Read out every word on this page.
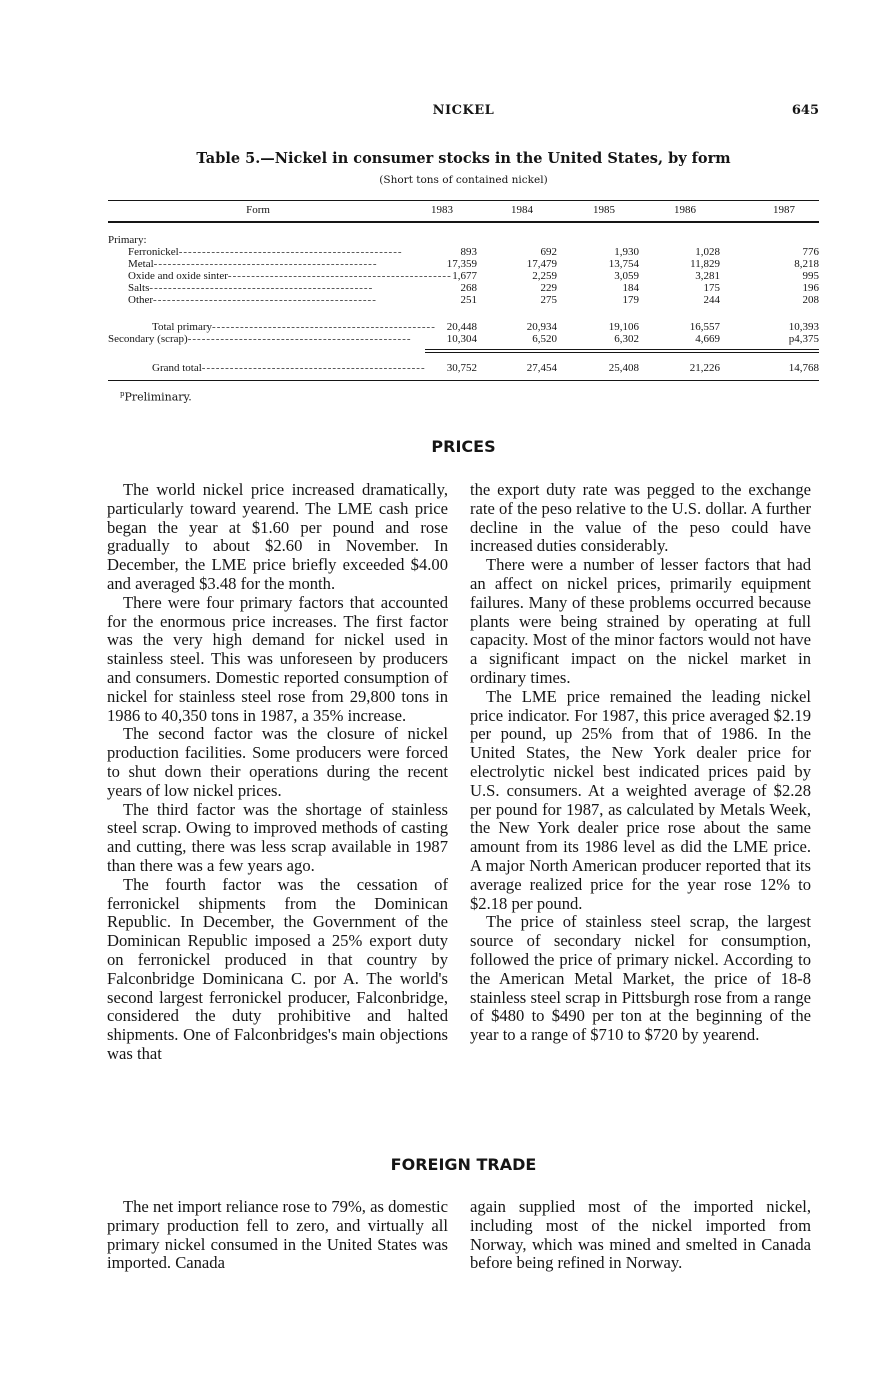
NICKEL	645
Table 5.—Nickel in consumer stocks in the United States, by form
(Short tons of contained nickel)
Form	1983	1984	1985	1986	1987
Primary:
Ferronickel------------------------------------------------	893	692	1,930	1,028	776
Metal------------------------------------------------	17,359	17,479	13,754	11,829	8,218
Oxide and oxide sinter------------------------------------------------ 1,677	2,259	3,059	3,281	995
Salts------------------------------------------------	268	229	184	175	196
Other------------------------------------------------	251	275	179	244	208
Total primary------------------------------------------------ 20,448	20,934	19,106	16,557	10,393
Secondary (scrap)------------------------------------------------	10,304	6,520	6,302	4,669	p4,375
Grand total------------------------------------------------	30,752	27,454	25,408	21,226	14,768
$^p$Preliminary.
PRICES

The world nickel price increased dramatically, particularly toward yearend. The LME cash price began the year at $1.60 per pound and rose gradually to about $2.60 in November. In December, the LME price briefly exceeded $4.00 and averaged $3.48 for the month.

There were four primary factors that accounted for the enormous price increases. The first factor was the very high demand for nickel used in stainless steel. This was unforeseen by producers and consumers. Domestic reported consumption of nickel for stainless steel rose from 29,800 tons in 1986 to 40,350 tons in 1987, a 35% increase.

The second factor was the closure of nickel production facilities. Some producers were forced to shut down their operations during the recent years of low nickel prices.

The third factor was the shortage of stainless steel scrap. Owing to improved methods of casting and cutting, there was less scrap available in 1987 than there was a few years ago.

The fourth factor was the cessation of ferronickel shipments from the Dominican Republic. In December, the Government of the Dominican Republic imposed a 25% export duty on ferronickel produced in that country by Falconbridge Dominicana C. por A. The world's second largest ferronickel producer, Falconbridge, considered the duty prohibitive and halted shipments. One of Falconbridges's main objections was that

the export duty rate was pegged to the exchange rate of the peso relative to the U.S. dollar. A further decline in the value of the peso could have increased duties considerably.

There were a number of lesser factors that had an affect on nickel prices, primarily equipment failures. Many of these problems occurred because plants were being strained by operating at full capacity. Most of the minor factors would not have a significant impact on the nickel market in ordinary times.

The LME price remained the leading nickel price indicator. For 1987, this price averaged $2.19 per pound, up 25% from that of 1986. In the United States, the New York dealer price for electrolytic nickel best indicated prices paid by U.S. consumers. At a weighted average of $2.28 per pound for 1987, as calculated by Metals Week, the New York dealer price rose about the same amount from its 1986 level as did the LME price. A major North American producer reported that its average realized price for the year rose 12% to $2.18 per pound.

The price of stainless steel scrap, the largest source of secondary nickel for consumption, followed the price of primary nickel. According to the American Metal Market, the price of 18-8 stainless steel scrap in Pittsburgh rose from a range of $480 to $490 per ton at the beginning of the year to a range of $710 to $720 by yearend.

FOREIGN TRADE

The net import reliance rose to 79%, as domestic primary production fell to zero, and virtually all primary nickel consumed in the United States was imported. Canada

again supplied most of the imported nickel, including most of the nickel imported from Norway, which was mined and smelted in Canada before being refined in Norway.
